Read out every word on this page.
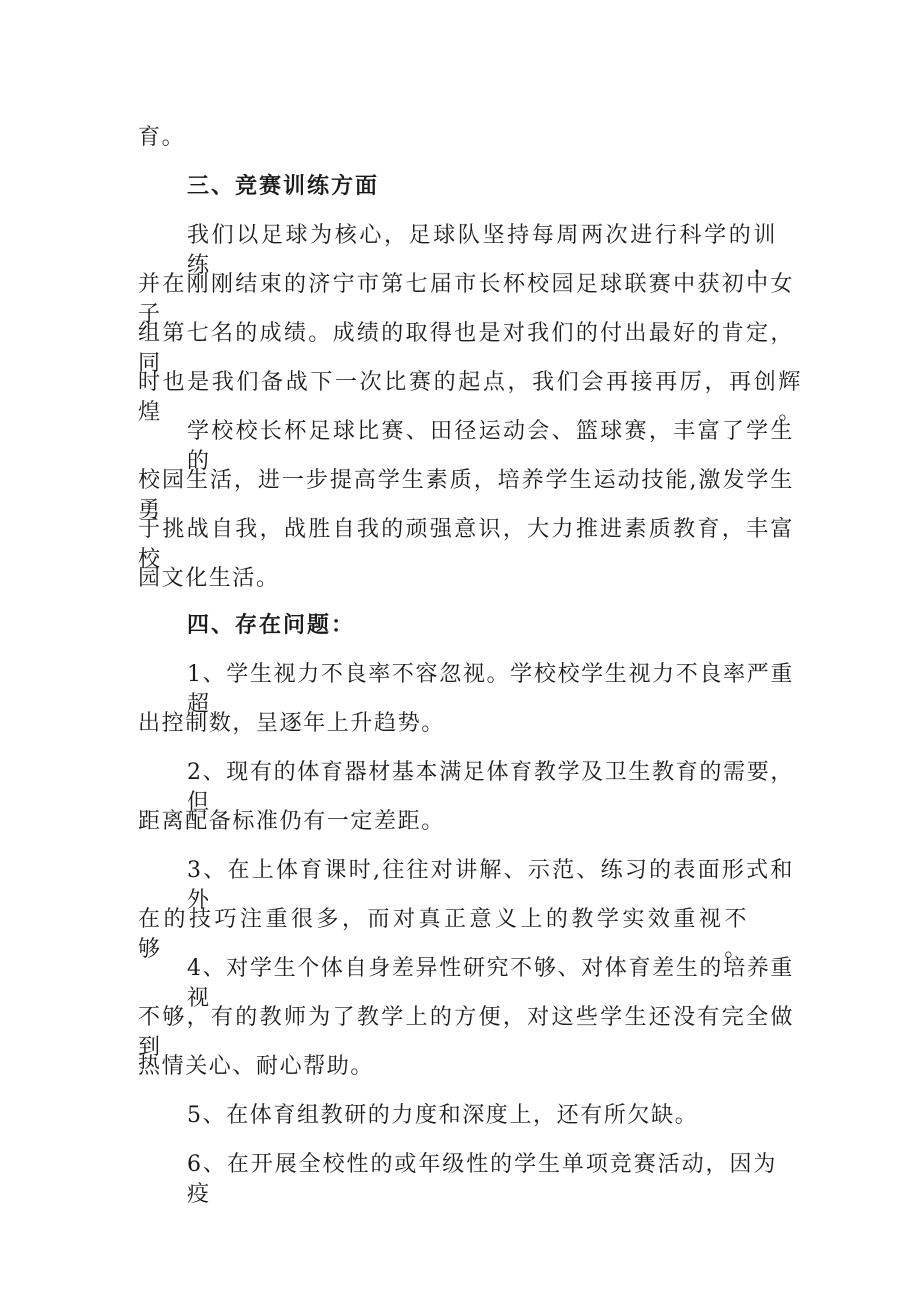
育。
三、竞赛训练方面
我们以足球为核心，足球队坚持每周两次进行科学的训练，
并在刚刚结束的济宁市第七届市长杯校园足球联赛中获初中女子
组第七名的成绩。成绩的取得也是对我们的付出最好的肯定，同
时也是我们备战下一次比赛的起点，我们会再接再厉，再创辉煌。
学校校长杯足球比赛、田径运动会、篮球赛，丰富了学生的
校园生活，进一步提高学生素质，培养学生运动技能,激发学生勇
于挑战自我，战胜自我的顽强意识，大力推进素质教育，丰富校
园文化生活。
四、存在问题：
1、学生视力不良率不容忽视。学校校学生视力不良率严重超
出控制数，呈逐年上升趋势。
2、现有的体育器材基本满足体育教学及卫生教育的需要，但
距离配备标准仍有一定差距。
3、在上体育课时,往往对讲解、示范、练习的表面形式和外
在的技巧注重很多，而对真正意义上的教学实效重视不够。
4、对学生个体自身差异性研究不够、对体育差生的培养重视
不够，有的教师为了教学上的方便，对这些学生还没有完全做到
热情关心、耐心帮助。
5、在体育组教研的力度和深度上，还有所欠缺。
6、在开展全校性的或年级性的学生单项竞赛活动，因为疫
